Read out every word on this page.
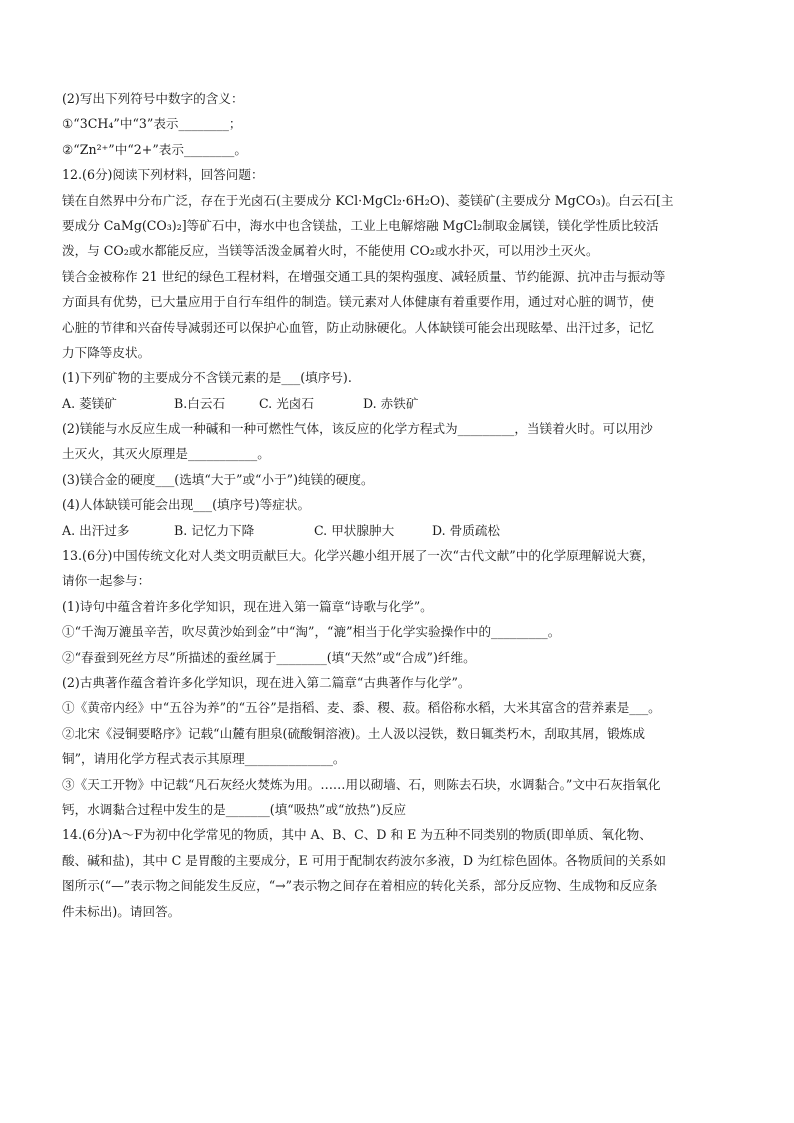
(2)写出下列符号中数字的含义：
①“3CH₄”中“3”表示________；
②“Zn²⁺”中“2+”表示________。
12.(6分)阅读下列材料，回答问题：
镁在自然界中分布广泛，存在于光卤石(主要成分 KCl·MgCl₂·6H₂O)、菱镁矿(主要成分 MgCO₃)。白云石[主
要成分 CaMg(CO₃)₂]等矿石中，海水中也含镁盐，工业上电解熔融 MgCl₂制取金属镁，镁化学性质比较活
泼，与 CO₂或水都能反应，当镁等活泼金属着火时，不能使用 CO₂或水扑灭，可以用沙土灭火。
镁合金被称作 21 世纪的绿色工程材料，在增强交通工具的架构强度、减轻质量、节约能源、抗冲击与振动等
方面具有优势，已大量应用于自行车组件的制造。镁元素对人体健康有着重要作用，通过对心脏的调节，使
心脏的节律和兴奋传导减弱还可以保护心血管，防止动脉硬化。人体缺镁可能会出现眩晕、出汗过多，记忆
力下降等皮状。
(1)下列矿物的主要成分不含镁元素的是___(填序号).
A. 菱镁矿	B.白云石	C. 光卤石	D. 赤铁矿
(2)镁能与水反应生成一种碱和一种可燃性气体，该反应的化学方程式为_________，当镁着火时。可以用沙
土灭火，其灭火原理是___________。
(3)镁合金的硬度___(选填“大于”或“小于”)纯镁的硬度。
(4)人体缺镁可能会出现___(填序号)等症状。
A. 出汗过多	B. 记忆力下降	C. 甲状腺肿大	D. 骨质疏松
13.(6分)中国传统文化对人类文明贡献巨大。化学兴趣小组开展了一次“古代文献”中的化学原理解说大赛，
请你一起参与：
(1)诗句中蕴含着许多化学知识，现在进入第一篇章“诗歌与化学”。
①“千淘万漉虽辛苦，吹尽黄沙始到金”中“淘”，“漉”相当于化学实验操作中的_________。
②“春蚕到死丝方尽”所描述的蚕丝属于________(填“天然”或“合成”)纤维。
(2)古典著作蕴含着许多化学知识，现在进入第二篇章“古典著作与化学”。
①《黄帝内经》中“五谷为养”的“五谷”是指稻、麦、黍、稷、菽。稻俗称水稻，大米其富含的营养素是___。
②北宋《浸铜要略序》记载“山麓有胆泉(硫酸铜溶液)。土人汲以浸铁，数日辄类朽木，刮取其屑，锻炼成
铜”，请用化学方程式表示其原理______________。
③《天工开物》中记载“凡石灰经火焚炼为用。……用以砌墙、石，则陈去石块，水调黏合。”文中石灰指氧化
钙，水调黏合过程中发生的是_______(填“吸热”或“放热”)反应
14.(6分)A～F为初中化学常见的物质，其中 A、B、C、D 和 E 为五种不同类别的物质(即单质、氧化物、
酸、碱和盐)，其中 C 是胃酸的主要成分，E 可用于配制农药波尔多液，D 为红棕色固体。各物质间的关系如
图所示(“—”表示物之间能发生反应，“→”表示物之间存在着相应的转化关系，部分反应物、生成物和反应条
件未标出)。请回答。
